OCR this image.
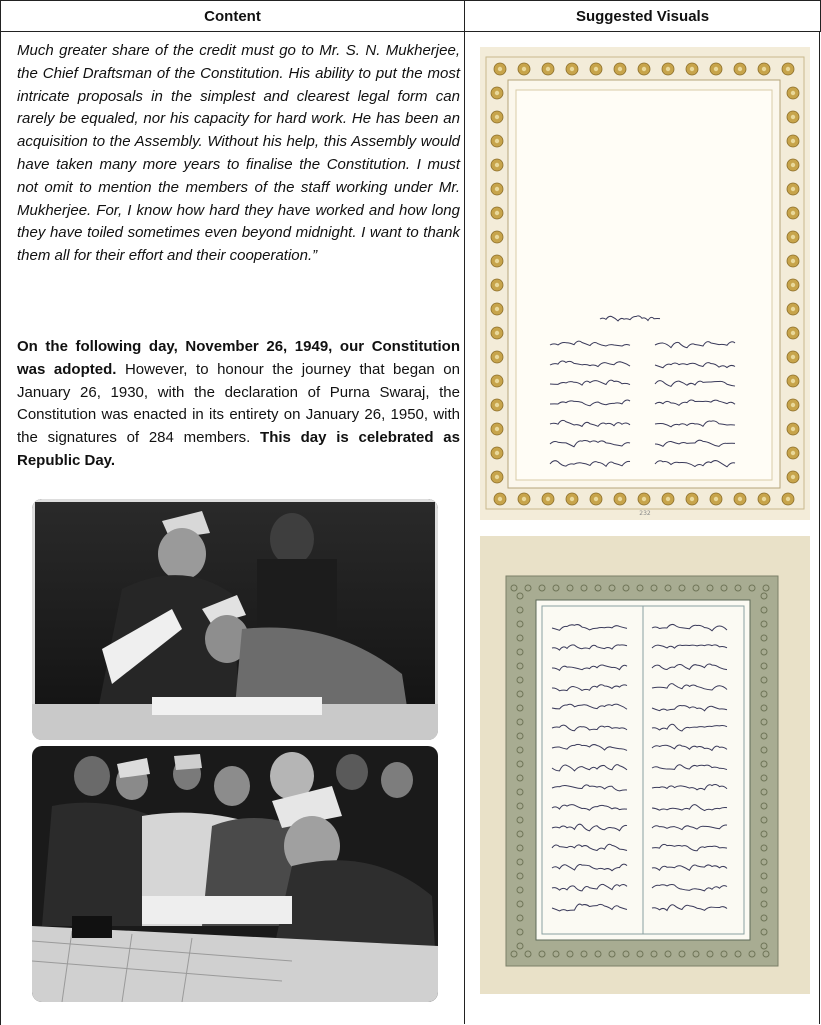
Content	Suggested Visuals

Much greater share of the credit must go to Mr. S. N. Mukherjee, the Chief Draftsman of the Constitution. His ability to put the most intricate proposals in the simplest and clearest legal form can rarely be equaled, nor his capacity for hard work. He has been an acquisition to the Assembly. Without his help, this Assembly would have taken many more years to finalise the Constitution. I must not omit to mention the members of the staff working under Mr. Mukherjee. For, I know how hard they have worked and how long they have toiled sometimes even beyond midnight. I want to thank them all for their effort and their cooperation.”

On the following day, November 26, 1949, our Constitution was adopted. However, to honour the journey that began on January 26, 1930, with the declaration of Purna Swaraj, the Constitution was enacted in its entirety on January 26, 1950, with the signatures of 284 members. This day is celebrated as Republic Day.

232
